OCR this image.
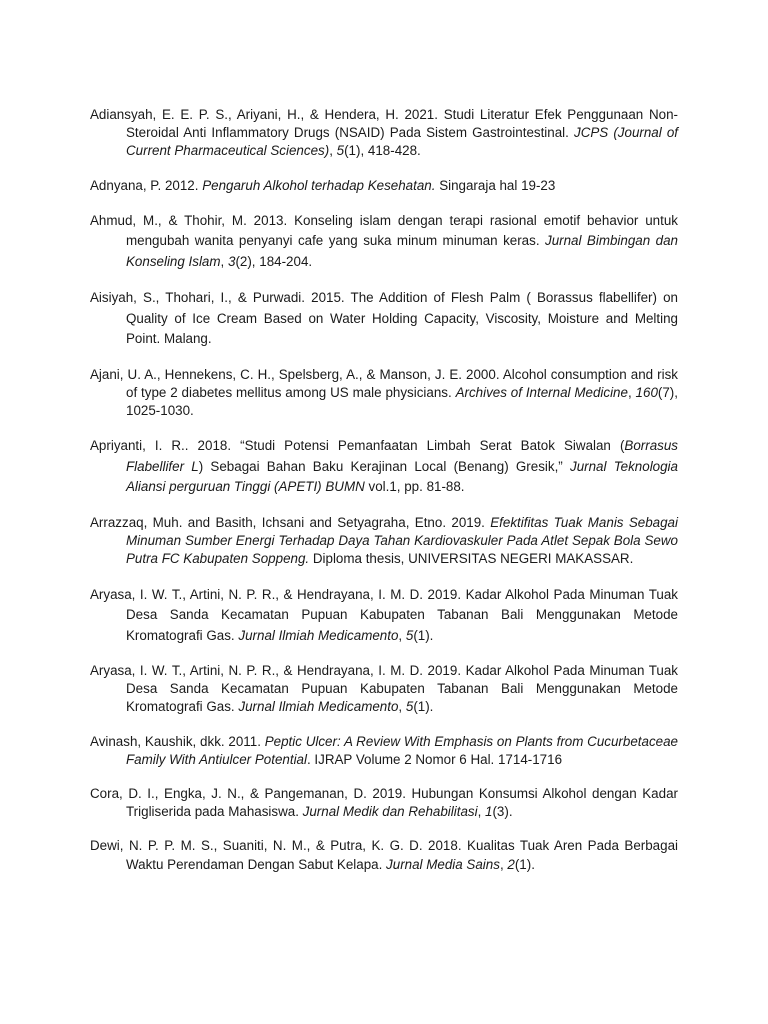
Adiansyah, E. E. P. S., Ariyani, H., & Hendera, H. 2021. Studi Literatur Efek Penggunaan Non-Steroidal Anti Inflammatory Drugs (NSAID) Pada Sistem Gastrointestinal. JCPS (Journal of Current Pharmaceutical Sciences), 5(1), 418-428.

Adnyana, P. 2012. Pengaruh Alkohol terhadap Kesehatan. Singaraja hal 19-23

Ahmud, M., & Thohir, M. 2013. Konseling islam dengan terapi rasional emotif behavior untuk mengubah wanita penyanyi cafe yang suka minum minuman keras. Jurnal Bimbingan dan Konseling Islam, 3(2), 184-204.

Aisiyah, S., Thohari, I., & Purwadi. 2015. The Addition of Flesh Palm ( Borassus flabellifer) on Quality of Ice Cream Based on Water Holding Capacity, Viscosity, Moisture and Melting Point. Malang.

Ajani, U. A., Hennekens, C. H., Spelsberg, A., & Manson, J. E. 2000. Alcohol consumption and risk of type 2 diabetes mellitus among US male physicians. Archives of Internal Medicine, 160(7), 1025-1030.

Apriyanti, I. R.. 2018. “Studi Potensi Pemanfaatan Limbah Serat Batok Siwalan (Borrasus Flabellifer L) Sebagai Bahan Baku Kerajinan Local (Benang) Gresik,” Jurnal Teknologia Aliansi perguruan Tinggi (APETI) BUMN vol.1, pp. 81-88.

Arrazzaq, Muh. and Basith, Ichsani and Setyagraha, Etno. 2019. Efektifitas Tuak Manis Sebagai Minuman Sumber Energi Terhadap Daya Tahan Kardiovaskuler Pada Atlet Sepak Bola Sewo Putra FC Kabupaten Soppeng. Diploma thesis, UNIVERSITAS NEGERI MAKASSAR.

Aryasa, I. W. T., Artini, N. P. R., & Hendrayana, I. M. D. 2019. Kadar Alkohol Pada Minuman Tuak Desa Sanda Kecamatan Pupuan Kabupaten Tabanan Bali Menggunakan Metode Kromatografi Gas. Jurnal Ilmiah Medicamento, 5(1).

Aryasa, I. W. T., Artini, N. P. R., & Hendrayana, I. M. D. 2019. Kadar Alkohol Pada Minuman Tuak Desa Sanda Kecamatan Pupuan Kabupaten Tabanan Bali Menggunakan Metode Kromatografi Gas. Jurnal Ilmiah Medicamento, 5(1).

Avinash, Kaushik, dkk. 2011. Peptic Ulcer: A Review With Emphasis on Plants from Cucurbetaceae Family With Antiulcer Potential. IJRAP Volume 2 Nomor 6 Hal. 1714-1716

Cora, D. I., Engka, J. N., & Pangemanan, D. 2019. Hubungan Konsumsi Alkohol dengan Kadar Trigliserida pada Mahasiswa. Jurnal Medik dan Rehabilitasi, 1(3).

Dewi, N. P. P. M. S., Suaniti, N. M., & Putra, K. G. D. 2018. Kualitas Tuak Aren Pada Berbagai Waktu Perendaman Dengan Sabut Kelapa. Jurnal Media Sains, 2(1).
